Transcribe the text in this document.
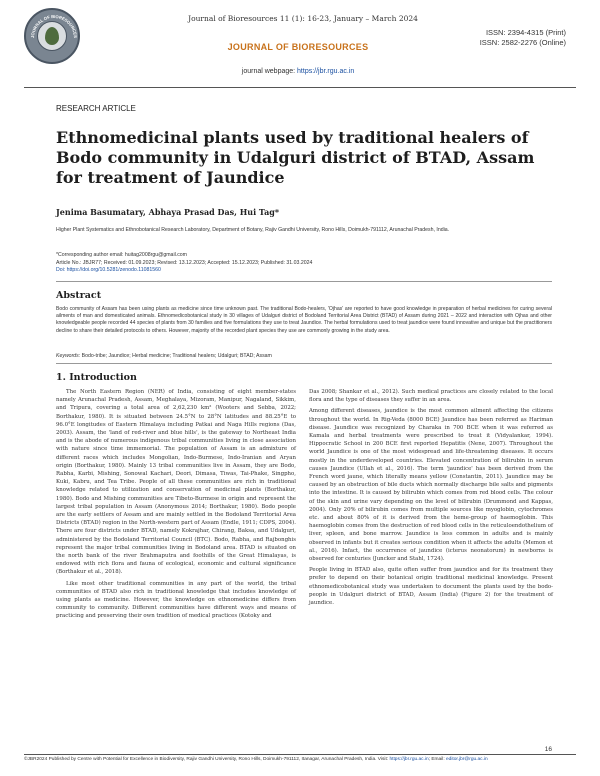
JOURNAL OF BIORESOURCES
Journal of Bioresources 11 (1): 16-23, January – March 2024
JOURNAL OF BIORESOURCES
journal webpage: https://jbr.rgu.ac.in
ISSN: 2394-4315 (Print)
ISSN: 2582-2276 (Online)
RESEARCH ARTICLE
Ethnomedicinal plants used by traditional healers of Bodo community in Udalguri district of BTAD, Assam for treatment of Jaundice
Jenima Basumatary, Abhaya Prasad Das, Hui Tag*
Higher Plant Systematics and Ethnobotanical Research Laboratory, Department of Botany, Rajiv Gandhi University, Rono Hills, Doimukh-791112, Arunachal Pradesh, India.
*Corresponding author email: huitag2008rgu@gmail.com
Article No.: JBJR77; Received: 01.09.2023; Revised: 13.12.2023; Accepted: 15.12.2023; Published: 31.03.2024
Doi: https://doi.org/10.5281/zenodo.11081560
Abstract
Bodo community of Assam has been using plants as medicine since time unknown past. The traditional Bodo-healers, 'Ojhas' are reported to have good knowledge in preparation of herbal medicines for curing several ailments of man and domesticated animals. Ethnomedicobotanical study in 30 villages of Udalguri district of Bodoland Territorial Area District (BTAD) of Assam during 2021 – 2022 and interaction with Ojhas and other knowledgeable people recorded 44 species of plants from 30 families and five formulations they use to treat Jaundice. The herbal formulations used to treat jaundice were found innovative and unique but the practitioners decline to share their detailed protocols to others. However, majority of the recorded plant species they use are commonly growing in the study area.
Keywords: Bodo-tribe; Jaundice; Herbal medicine; Traditional healers; Udalguri; BTAD; Assam
1. Introduction

The North Eastern Region (NER) of India, consisting of eight member-states namely Arunachal Pradesh, Assam, Meghalaya, Mizoram, Manipur, Nagaland, Sikkim, and Tripura, covering a total area of 2,62,230 km² (Wooters and Sebba, 2022; Borthakur, 1980). It is situated between 24.5°N to 28°N latitudes and 88.25°E to 96.0°E longitudes of Eastern Himalaya including Patkai and Naga Hills regions (Das, 2003). Assam, the 'land of red-river and blue hills', is the gateway to Northeast India and is the abode of numerous indigenous tribal communities living in close association with nature since time immemorial. The population of Assam is an admixture of different races which includes Mongolian, Indo-Burmese, Indo-Iranian and Aryan origin (Borthakur, 1980). Mainly 13 tribal communities live in Assam, they are Bodo, Rabha, Karbi, Mishing, Sonowal Kachari, Deori, Dimasa, Tiwas, Tai-Phake, Singpho, Kuki, Kabru, and Tea Tribe. People of all these communities are rich in traditional knowledge related to utilization and conservation of medicinal plants (Borthakur, 1980). Bodo and Mishing communities are Tibeto-Burmese in origin and represent the largest tribal population in Assam (Anonymous 2014; Borthakur, 1980). Bodo people are the early settlers of Assam and are mainly settled in the Bodoland Territorial Area Districts (BTAD) region in the North-western part of Assam (Endle, 1911; CDPS, 2004). There are four districts under BTAD, namely Kokrajhar, Chirang, Baksa, and Udalguri, administered by the Bodoland Territorial Council (BTC). Bodo, Rabha, and Rajbonghis represent the major tribal communities living in Bodoland area. BTAD is situated on the north bank of the river Brahmaputra and foothills of the Great Himalayas, is endowed with rich flora and fauna of ecological, economic and cultural significance (Borthakur et al., 2018).

Like most other traditional communities in any part of the world, the tribal communities of BTAD also rich in traditional knowledge that includes knowledge of using plants as medicine. However, the knowledge on ethnomedicine differs from community to community. Different communities have different ways and means of practicing and preserving their own tradition of medical practices (Kotoky and

Das 2008; Shankar et al., 2012). Such medical practices are closely related to the local flora and the type of diseases they suffer in an area.

Among different diseases, jaundice is the most common ailment affecting the citizens throughout the world. In Rig-Veda (8000 BCE) Jaundice has been referred as Hariman disease. Jaundice was recognized by Charaka in 700 BCE when it was referred as Kamala and herbal treatments were prescribed to treat it (Vidyalankar, 1994). Hippocratic School in 200 BCE first reported Hepatitis (Nene, 2007). Throughout the world Jaundice is one of the most widespread and life-threatening diseases. It occurs mostly in the underdeveloped countries. Elevated concentration of bilirubin in serum causes Jaundice (Ullah et al., 2016). The term 'jaundice' has been derived from the French word jaune, which literally means yellow (Constantin, 2011). Jaundice may be caused by an obstruction of bile ducts which normally discharge bile salts and pigments into the intestine. It is caused by bilirubin which comes from red blood cells. The colour of the skin and urine vary depending on the level of bilirubin (Drummond and Kappas, 2004). Only 20% of bilirubin comes from multiple sources like myoglobin, cytochromes etc. and about 80% of it is derived from the heme-group of haemoglobin. This haemoglobin comes from the destruction of red blood cells in the reticuloendothelium of liver, spleen, and bone marrow. Jaundice is less common in adults and is mainly observed in infants but it creates serious condition when it affects the adults (Memon et al., 2016). Infact, the occurrence of jaundice (icterus neonatorum) in newborns is observed for centuries (Juncker and Stahl, 1724).

People living in BTAD also, quite often suffer from jaundice and for its treatment they prefer to depend on their botanical origin traditional medicinal knowledge. Present ethnomedicobotanical study was undertaken to document the plants used by the bodo-people in Udalguri district of BTAD, Assam (India) (Figure 2) for the treatment of jaundice.

16
©JBR2024 Published by Centre with Potential for Excellence in Biodiversity, Rajiv Gandhi University, Rono Hills, Doimukh-791112, Itanagar, Arunachal Pradesh, India. Visit: https://jbr.rgu.ac.in; Email: editor.jbr@rgu.ac.in
